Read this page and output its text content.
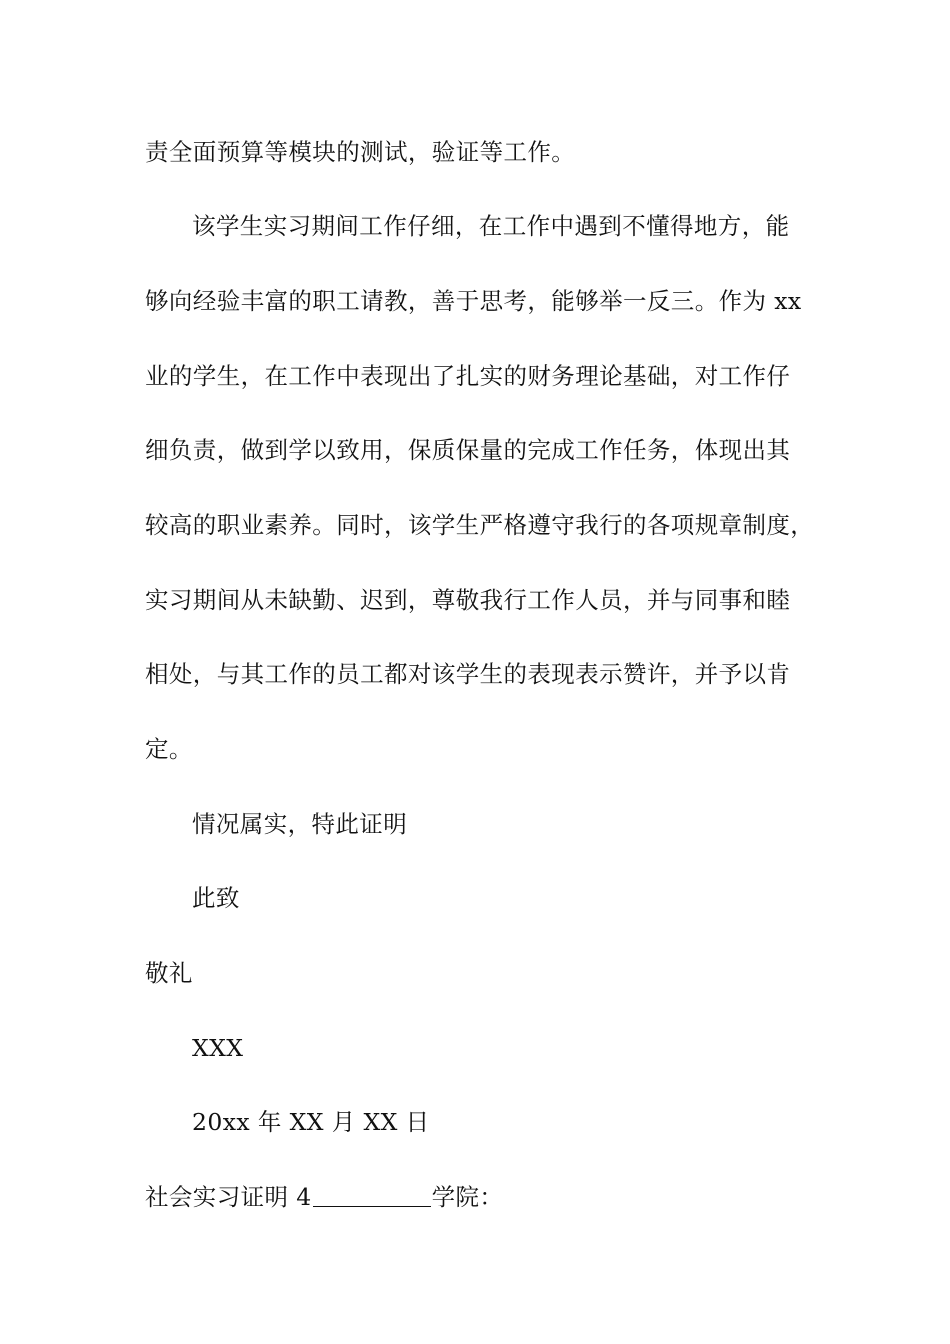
责全面预算等模块的测试，验证等工作。
该学生实习期间工作仔细，在工作中遇到不懂得地方，能
够向经验丰富的职工请教，善于思考，能够举一反三。作为 xx
业的学生，在工作中表现出了扎实的财务理论基础，对工作仔
细负责，做到学以致用，保质保量的完成工作任务，体现出其
较高的职业素养。同时，该学生严格遵守我行的各项规章制度，
实习期间从未缺勤、迟到，尊敬我行工作人员，并与同事和睦
相处，与其工作的员工都对该学生的表现表示赞许，并予以肯
定。
情况属实，特此证明
此致
敬礼
XXX
20xx 年 XX 月 XX 日
社会实习证明 4	学院：
